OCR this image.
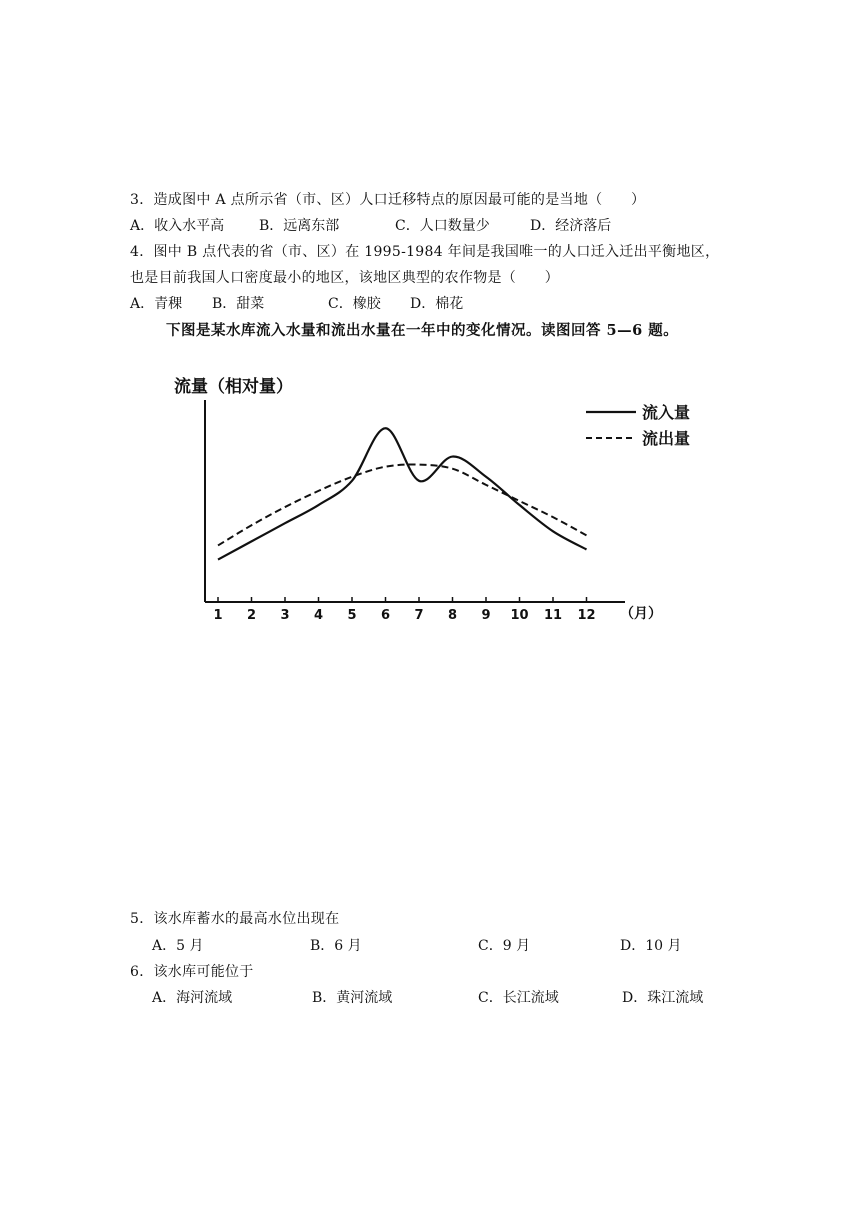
3．造成图中 A 点所示省（市、区）人口迁移特点的原因最可能的是当地（　　）
A．收入水平高 B．远离东部	C．人口数量少	D．经济落后
4．图中 B 点代表的省（市、区）在 1995-1984 年间是我国唯一的人口迁入迁出平衡地区，
也是目前我国人口密度最小的地区，该地区典型的农作物是（　　）
A．青稞 B．甜菜	C．橡胶 D．棉花
下图是某水库流入水量和流出水量在一年中的变化情况。读图回答 5—6 题。
流量（相对量）
1 2 3 4 5 6 7 8 9 10 11 12 （月）
流入量
流出量
5．该水库蓄水的最高水位出现在
A．5 月	B．6 月	C．9 月	D．10 月
6．该水库可能位于
A．海河流域	B．黄河流域	C．长江流域	D．珠江流域
